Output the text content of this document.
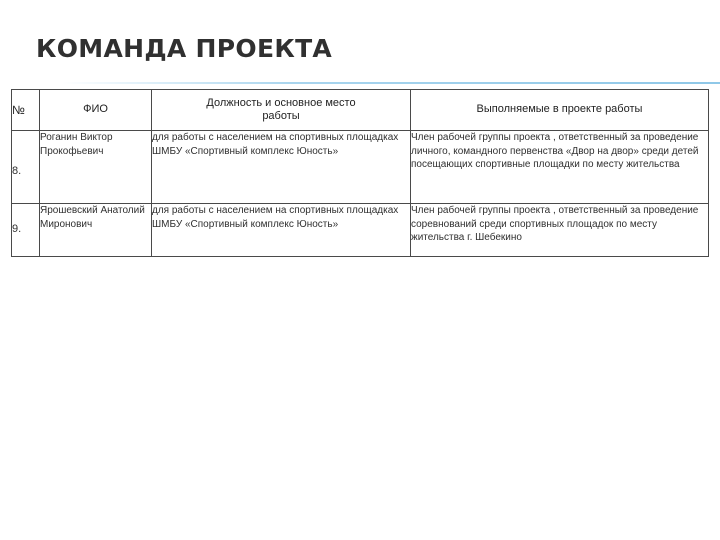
КОМАНДА ПРОЕКТА
№	ФИО	Должность и основное место работы	Выполняемые в проекте работы

8.	Роганин Виктор Прокофьевич	для работы с населением на спортивных площадках ШМБУ «Спортивный комплекс Юность»	Член рабочей группы проекта , ответственный за проведение личного, командного первенства «Двор на двор» среди детей посещающих спортивные площадки по месту жительства
9.	Ярошевский Анатолий Миронович	для работы с населением на спортивных площадках ШМБУ «Спортивный комплекс Юность»	Член рабочей группы проекта , ответственный за проведение соревнований среди спортивных площадок по месту жительства г. Шебекино
